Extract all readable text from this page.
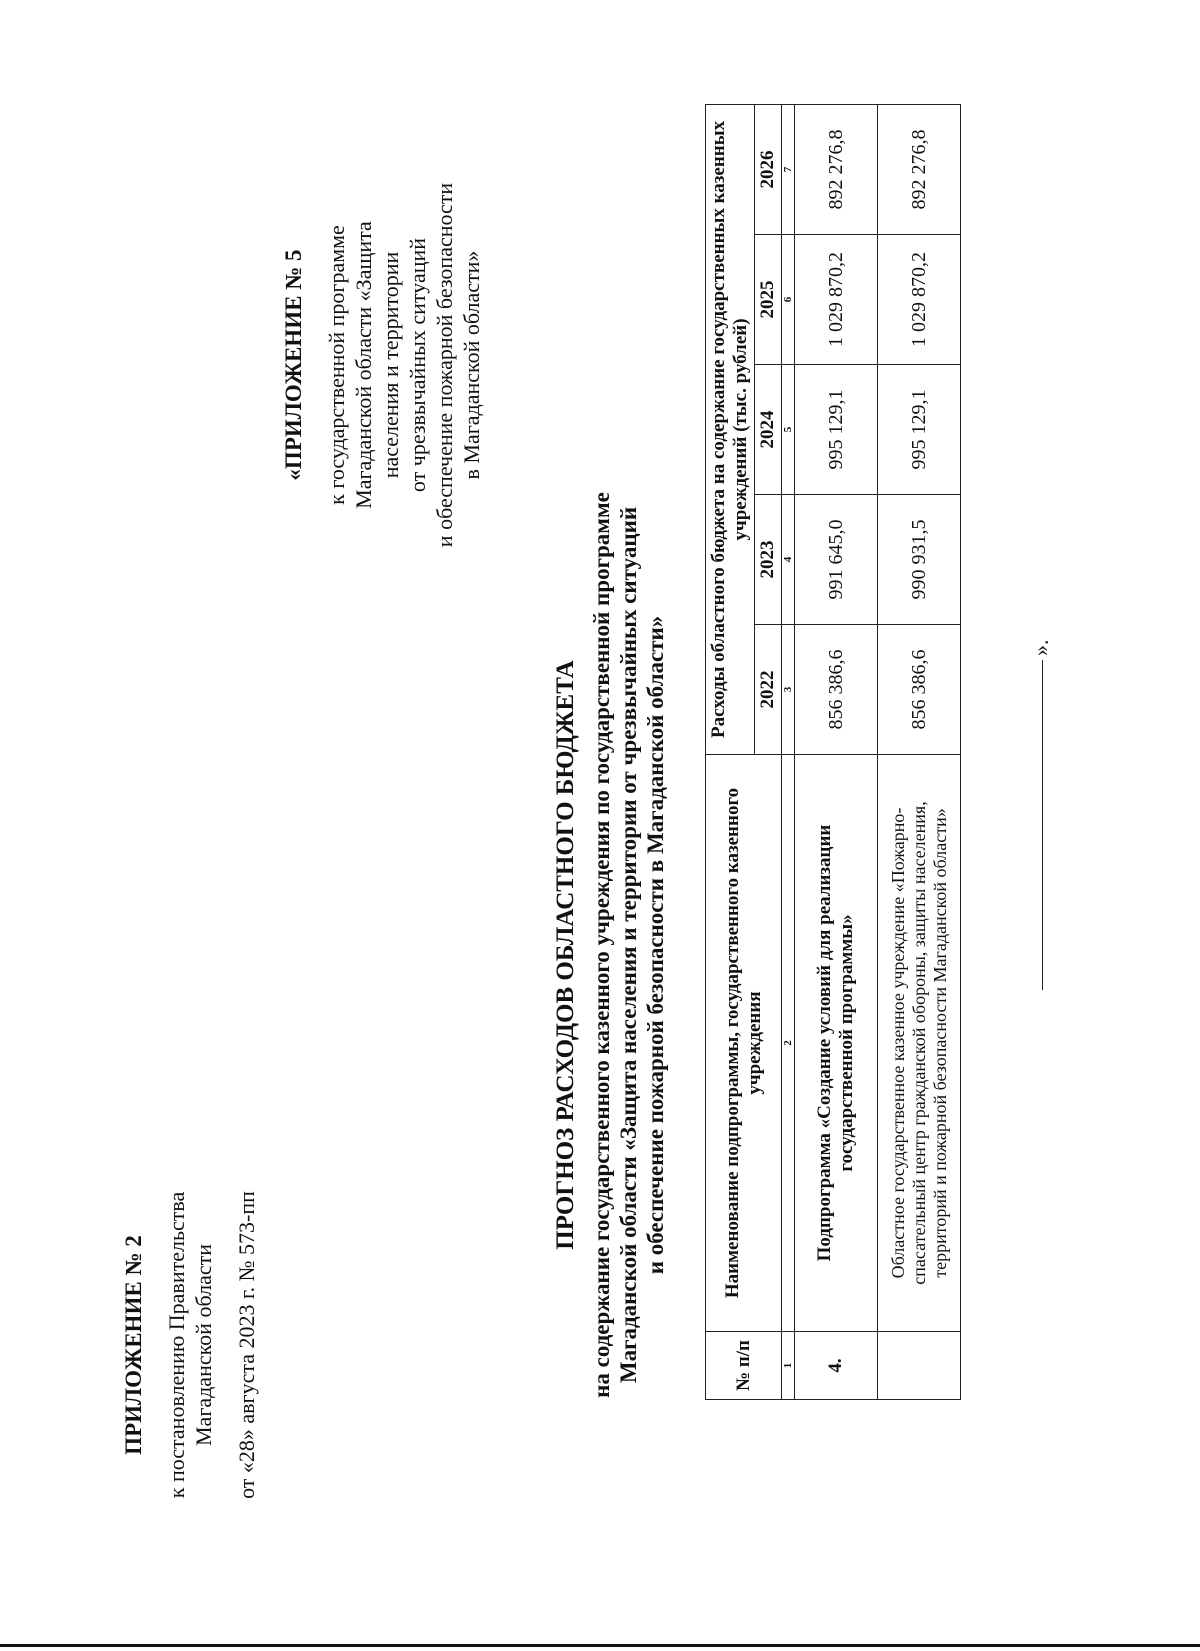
ПРИЛОЖЕНИЕ № 2 к постановлению Правительства Магаданской области от «28» августа 2023 г. № 573-пп
«ПРИЛОЖЕНИЕ № 5 к государственной программе Магаданской области «Защита населения и территории от чрезвычайных ситуаций и обеспечение пожарной безопасности в Магаданской области»
ПРОГНОЗ РАСХОДОВ ОБЛАСТНОГО БЮДЖЕТА на содержание государственного казенного учреждения по государственной программе Магаданской области «Защита населения и территории от чрезвычайных ситуаций и обеспечение пожарной безопасности в Магаданской области»
№ п/п	Наименование подпрограммы, государственного казенного учреждения	Расходы областного бюджета на содержание государственных казенных учреждений (тыс. рублей)				
		2022	2023	2024	2025	2026
1	2	3	4	5	6	7
4.	Подпрограмма «Создание условий для реализации государственной программы»	856 386,6	991 645,0	995 129,1	1 029 870,2	892 276,8
	Областное государственное казенное учреждение «Пожарно-спасательный центр гражданской обороны, защиты населения, территорий и пожарной безопасности Магаданской области»	856 386,6	990 931,5	995 129,1	1 029 870,2	892 276,8
».
